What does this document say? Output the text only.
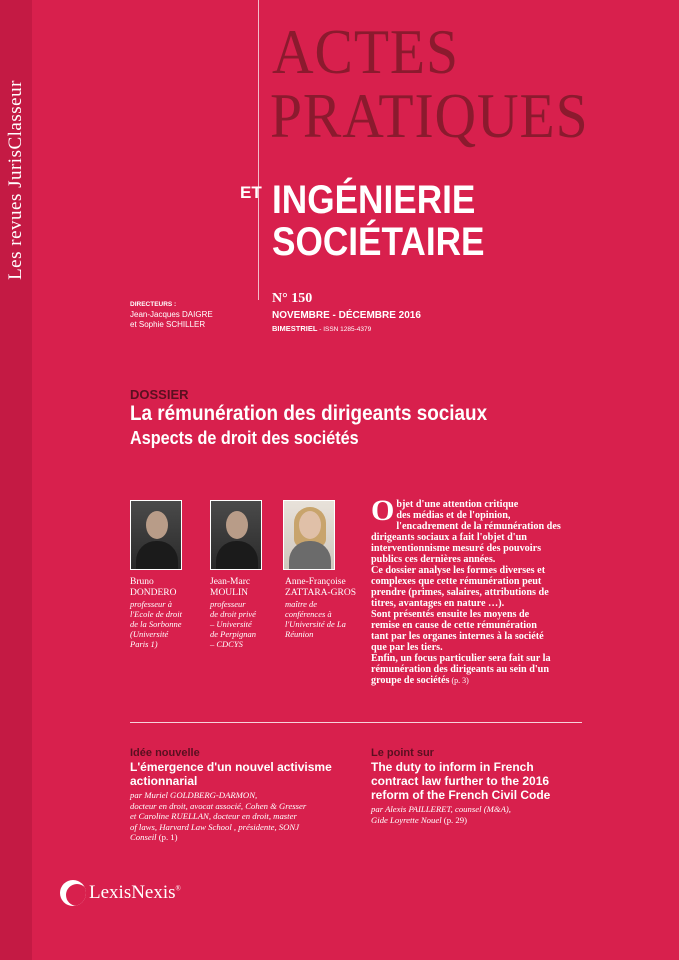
Les revues JurisClasseur
ACTES
PRATIQUES
ET INGÉNIERIE
SOCIÉTAIRE
DIRECTEURS :
Jean-Jacques DAIGRE
et Sophie SCHILLER
N° 150
NOVEMBRE - DÉCEMBRE 2016
BIMESTRIEL - ISSN 1285-4379
DOSSIER
La rémunération des dirigeants sociaux
Aspects de droit des sociétés
Bruno
DONDERO
professeur à
l'Ecole de droit
de la Sorbonne
(Université
Paris 1)
Jean-Marc
MOULIN
professeur
de droit privé
– Université
de Perpignan
– CDCYS
Anne-Françoise
ZATTARA-GROS
maître de
conférences à
l'Université de La
Réunion
O bjet d'une attention critique

des médias et de l'opinion,

l'encadrement de la rémunération des

dirigeants sociaux a fait l'objet d'un

interventionnisme mesuré des pouvoirs

publics ces dernières années.

Ce dossier analyse les formes diverses et

complexes que cette rémunération peut

prendre (primes, salaires, attributions de

titres, avantages en nature …).

Sont présentés ensuite les moyens de

remise en cause de cette rémunération

tant par les organes internes à la société

que par les tiers.

Enfin, un focus particulier sera fait sur la

rémunération des dirigeants au sein d'un

groupe de sociétés (p. 3)

Idée nouvelle
L'émergence d'un nouvel activisme
actionnarial
par Muriel GOLDBERG-DARMON,
docteur en droit, avocat associé, Cohen & Gresser
et Caroline RUELLAN, docteur en droit, master
of laws, Harvard Law School , présidente, SONJ
Conseil (p. 1)
Le point sur
The duty to inform in French
contract law further to the 2016
reform of the French Civil Code
par Alexis PAILLERET, counsel (M&A),
Gide Loyrette Nouel (p. 29)
LexisNexis®
